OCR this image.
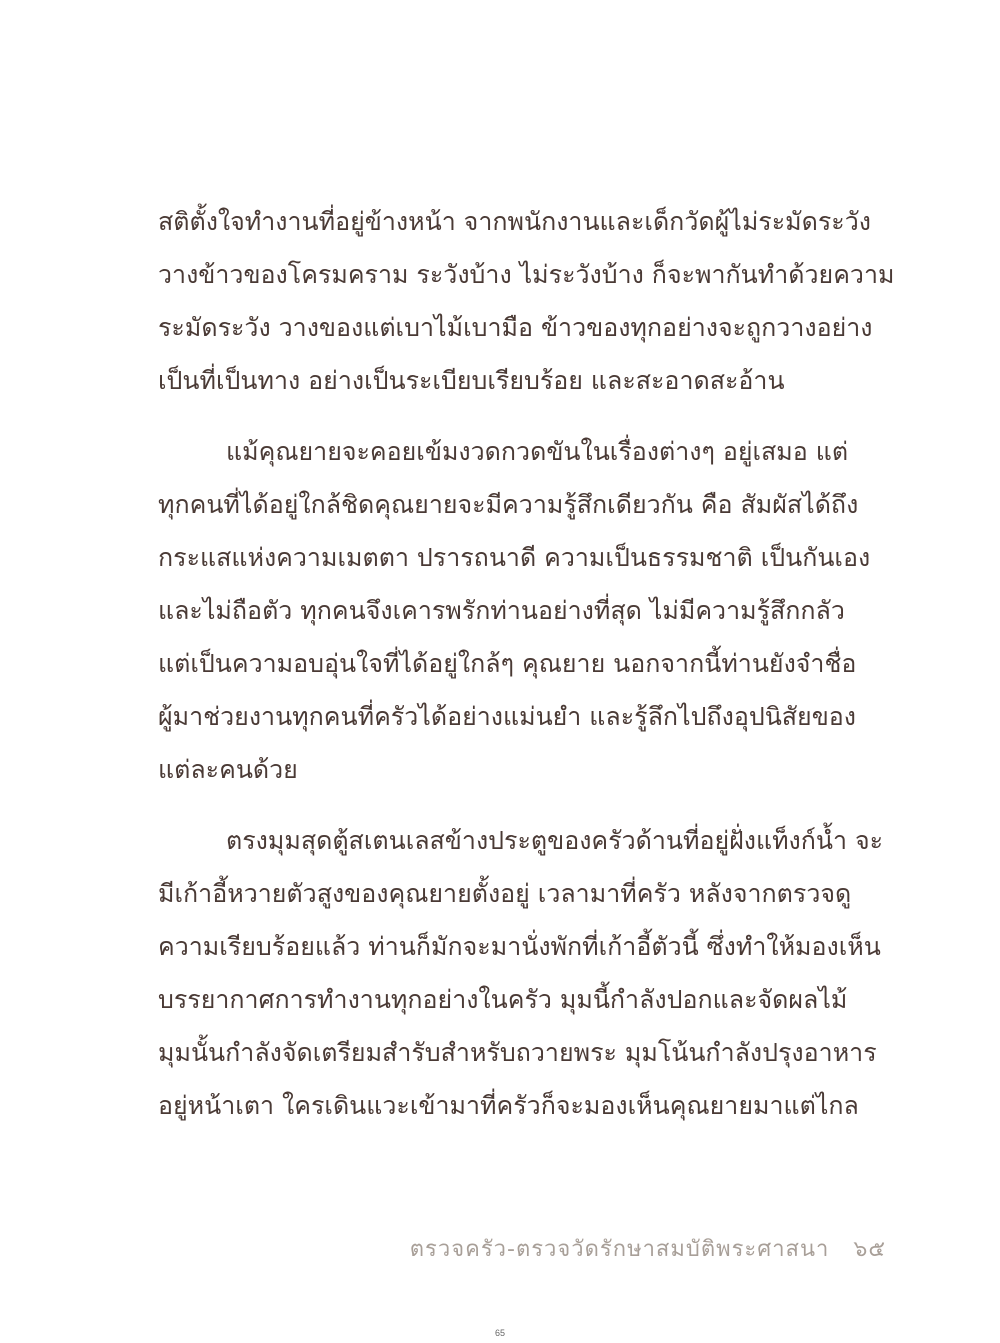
สติตั้งใจทำงานที่อยู่ข้างหน้า จากพนักงานและเด็กวัดผู้ไม่ระมัดระวัง
วางข้าวของโครมคราม ระวังบ้าง ไม่ระวังบ้าง ก็จะพากันทำด้วยความ
ระมัดระวัง วางของแต่เบาไม้เบามือ ข้าวของทุกอย่างจะถูกวางอย่าง
เป็นที่เป็นทาง อย่างเป็นระเบียบเรียบร้อย และสะอาดสะอ้าน

แม้คุณยายจะคอยเข้มงวดกวดขันในเรื่องต่างๆ อยู่เสมอ แต่
ทุกคนที่ได้อยู่ใกล้ชิดคุณยายจะมีความรู้สึกเดียวกัน คือ สัมผัสได้ถึง
กระแสแห่งความเมตตา ปรารถนาดี ความเป็นธรรมชาติ เป็นกันเอง
และไม่ถือตัว ทุกคนจึงเคารพรักท่านอย่างที่สุด ไม่มีความรู้สึกกลัว
แต่เป็นความอบอุ่นใจที่ได้อยู่ใกล้ๆ คุณยาย นอกจากนี้ท่านยังจำชื่อ
ผู้มาช่วยงานทุกคนที่ครัวได้อย่างแม่นยำ และรู้ลึกไปถึงอุปนิสัยของ
แต่ละคนด้วย

ตรงมุมสุดตู้สเตนเลสข้างประตูของครัวด้านที่อยู่ฝั่งแท็งก์น้ำ จะ
มีเก้าอี้หวายตัวสูงของคุณยายตั้งอยู่ เวลามาที่ครัว หลังจากตรวจดู
ความเรียบร้อยแล้ว ท่านก็มักจะมานั่งพักที่เก้าอี้ตัวนี้ ซึ่งทำให้มองเห็น
บรรยากาศการทำงานทุกอย่างในครัว มุมนี้กำลังปอกและจัดผลไม้
มุมนั้นกำลังจัดเตรียมสำรับสำหรับถวายพระ มุมโน้นกำลังปรุงอาหาร
อยู่หน้าเตา ใครเดินแวะเข้ามาที่ครัวก็จะมองเห็นคุณยายมาแต่ไกล

ตรวจครัว-ตรวจวัดรักษาสมบัติพระศาสนา ๖๕
65
